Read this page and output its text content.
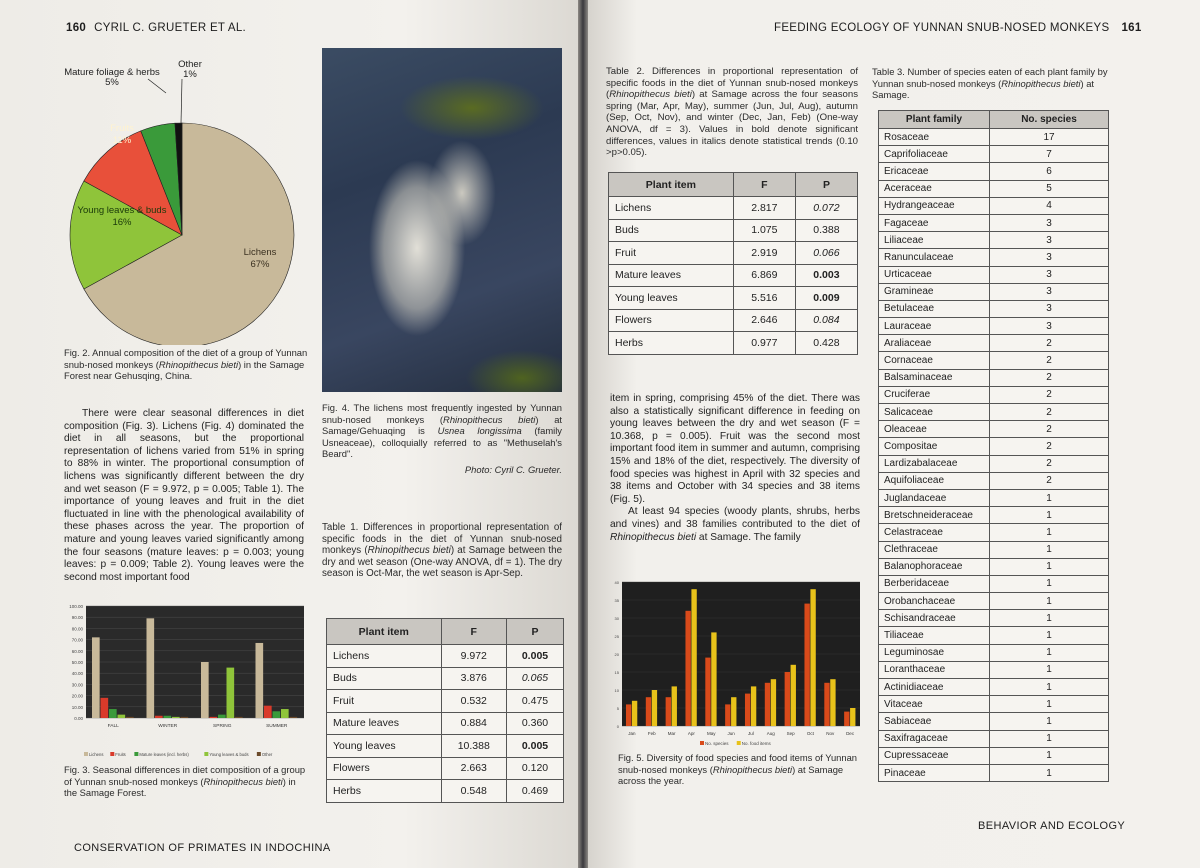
160 CYRIL C. GRUETER ET AL.
Lichens
67%
Young leaves & buds
16%
Fruits
11%
Mature foliage & herbs
5%
Other
1%
Fig. 2. Annual composition of the diet of a group of Yunnan snub-nosed monkeys (Rhinopithecus bieti) in the Samage Forest near Gehusqing, China.

There were clear seasonal differences in diet composition (Fig. 3). Lichens (Fig. 4) dominated the diet in all seasons, but the proportional representation of lichens varied from 51% in spring to 88% in winter. The proportional consumption of lichens was significantly different between the dry and wet season (F = 9.972, p = 0.005; Table 1). The importance of young leaves and fruit in the diet fluctuated in line with the phenological availability of these phases across the year. The proportion of mature and young leaves varied significantly among the four seasons (mature leaves: p = 0.003; young leaves: p = 0.009; Table 2). Young leaves were the second most important food

0.00
10.00
20.00
30.00
40.00
50.00
60.00
70.00
80.00
90.00
100.00
FALL	WINTER	SPRING	SUMMER
Lichens	Fruits	Mature leaves (incl. herbs)	Young leaves & buds	Other
Fig. 3. Seasonal differences in diet composition of a group of Yunnan snub-nosed monkeys (Rhinopithecus bieti) in the Samage Forest.
Fig. 4. The lichens most frequently ingested by Yunnan snub-nosed monkeys (Rhinopithecus bieti) at Samage/Gehuaqing is Usnea longissima (family Usneaceae), colloquially referred to as "Methuselah's Beard".
Photo: Cyril C. Grueter.
Table 1. Differences in proportional representation of specific foods in the diet of Yunnan snub-nosed monkeys (Rhinopithecus bieti) at Samage between the dry and wet season (One-way ANOVA, df = 1). The dry season is Oct-Mar, the wet season is Apr-Sep.
Plant item	F	P
Lichens	9.972	0.005
Buds	3.876	0.065
Fruit	0.532	0.475
Mature leaves	0.884	0.360
Young leaves	10.388	0.005
Flowers	2.663	0.120
Herbs	0.548	0.469
CONSERVATION OF PRIMATES IN INDOCHINA
FEEDING ECOLOGY OF YUNNAN SNUB-NOSED MONKEYS 161
Table 2. Differences in proportional representation of specific foods in the diet of Yunnan snub-nosed monkeys (Rhinopithecus bieti) at Samage across the four seasons spring (Mar, Apr, May), summer (Jun, Jul, Aug), autumn (Sep, Oct, Nov), and winter (Dec, Jan, Feb) (One-way ANOVA, df = 3). Values in bold denote significant differences, values in italics denote statistical trends (0.10 >p>0.05).
Plant item	F	P
Lichens	2.817	0.072
Buds	1.075	0.388
Fruit	2.919	0.066
Mature leaves	6.869	0.003
Young leaves	5.516	0.009
Flowers	2.646	0.084
Herbs	0.977	0.428

item in spring, comprising 45% of the diet. There was also a statistically significant difference in feeding on young leaves between the dry and wet season (F = 10.368, p = 0.005). Fruit was the second most important food item in summer and autumn, comprising 15% and 18% of the diet, respectively. The diversity of food species was highest in April with 32 species and 38 items and October with 34 species and 38 items (Fig. 5).

At least 94 species (woody plants, shrubs, herbs and vines) and 38 families contributed to the diet of Rhinopithecus bieti at Samage. The family

0
5
10
15
20
25
30
35
40
Jan	Feb	Mar	Apr	May	Jun	Jul	Aug	Sep	Oct	Nov	Dec
No. species	No. food items
Fig. 5. Diversity of food species and food items of Yunnan snub-nosed monkeys (Rhinopithecus bieti) at Samage across the year.
Table 3. Number of species eaten of each plant family by Yunnan snub-nosed monkeys (Rhinopithecus bieti) at Samage.
BEHAVIOR AND ECOLOGY
Plant family	No. species
Rosaceae	17
Caprifoliaceae	7
Ericaceae	6
Aceraceae	5
Hydrangeaceae	4
Fagaceae	3
Liliaceae	3
Ranunculaceae	3
Urticaceae	3
Gramineae	3
Betulaceae	3
Lauraceae	3
Araliaceae	2
Cornaceae	2
Balsaminaceae	2
Cruciferae	2
Salicaceae	2
Oleaceae	2
Compositae	2
Lardizabalaceae	2
Aquifoliaceae	2
Juglandaceae	1
Bretschneideraceae	1
Celastraceae	1
Clethraceae	1
Balanophoraceae	1
Berberidaceae	1
Orobanchaceae	1
Schisandraceae	1
Tiliaceae	1
Leguminosae	1
Loranthaceae	1
Actinidiaceae	1
Vitaceae	1
Sabiaceae	1
Saxifragaceae	1
Cupressaceae	1
Pinaceae	1
